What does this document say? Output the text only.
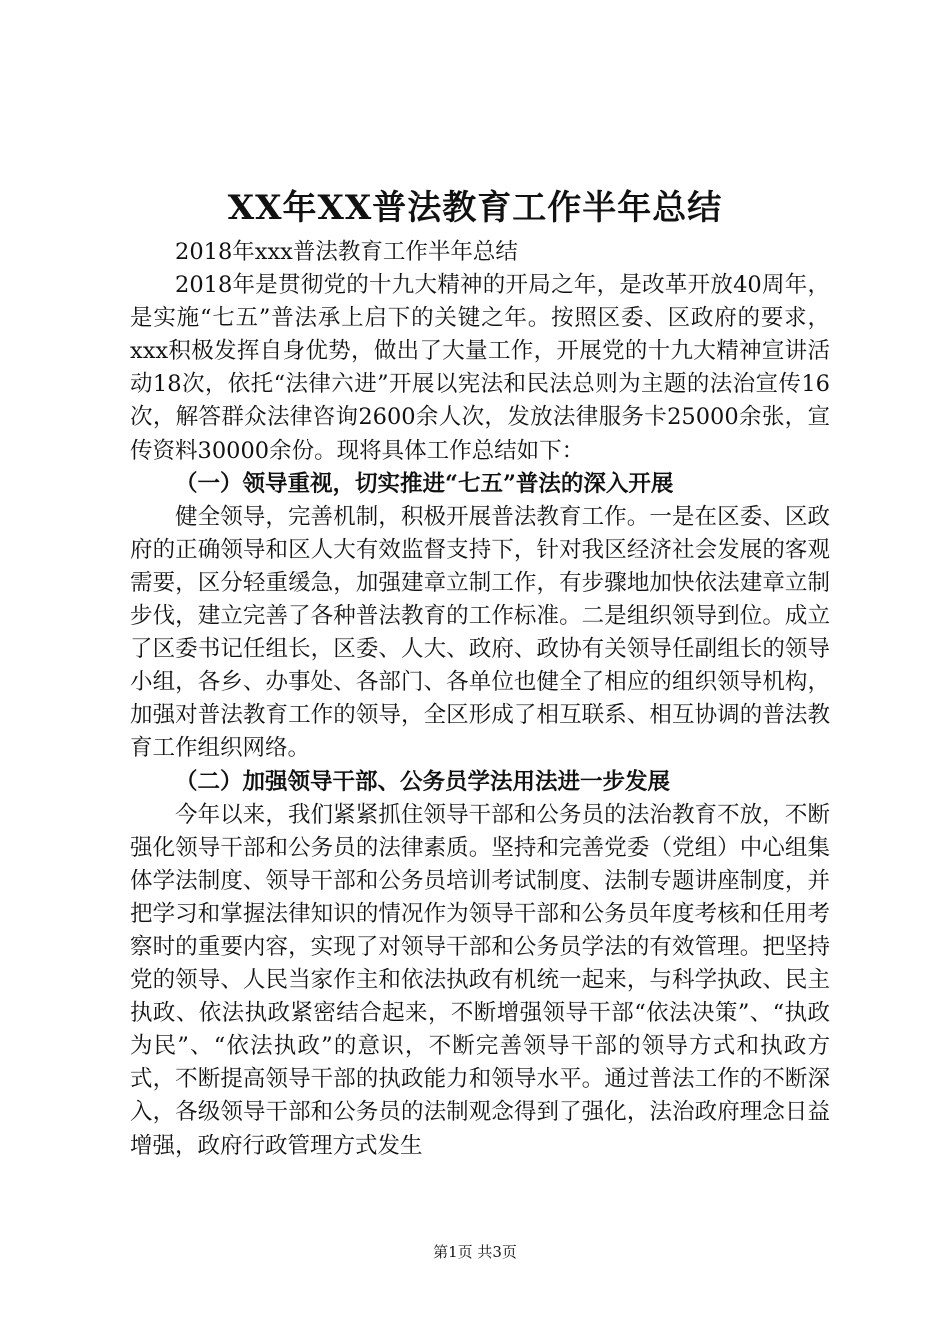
XX年XX普法教育工作半年总结

2018年xxx普法教育工作半年总结

2018年是贯彻党的十九大精神的开局之年，是改革开放40周年，是实施“七五”普法承上启下的关键之年。按照区委、区政府的要求，xxx积极发挥自身优势，做出了大量工作，开展党的十九大精神宣讲活动18次，依托“法律六进”开展以宪法和民法总则为主题的法治宣传16次，解答群众法律咨询2600余人次，发放法律服务卡25000余张，宣传资料30000余份。现将具体工作总结如下：

（一）领导重视，切实推进“七五”普法的深入开展

健全领导，完善机制，积极开展普法教育工作。一是在区委、区政府的正确领导和区人大有效监督支持下，针对我区经济社会发展的客观需要，区分轻重缓急，加强建章立制工作，有步骤地加快依法建章立制步伐，建立完善了各种普法教育的工作标准。二是组织领导到位。成立了区委书记任组长，区委、人大、政府、政协有关领导任副组长的领导小组，各乡、办事处、各部门、各单位也健全了相应的组织领导机构，加强对普法教育工作的领导，全区形成了相互联系、相互协调的普法教育工作组织网络。

（二）加强领导干部、公务员学法用法进一步发展

今年以来，我们紧紧抓住领导干部和公务员的法治教育不放，不断强化领导干部和公务员的法律素质。坚持和完善党委（党组）中心组集体学法制度、领导干部和公务员培训考试制度、法制专题讲座制度，并把学习和掌握法律知识的情况作为领导干部和公务员年度考核和任用考察时的重要内容，实现了对领导干部和公务员学法的有效管理。把坚持党的领导、人民当家作主和依法执政有机统一起来，与科学执政、民主执政、依法执政紧密结合起来，不断增强领导干部“依法决策”、“执政为民”、“依法执政”的意识，不断完善领导干部的领导方式和执政方式，不断提高领导干部的执政能力和领导水平。通过普法工作的不断深入，各级领导干部和公务员的法制观念得到了强化，法治政府理念日益增强，政府行政管理方式发生

第1页 共3页
